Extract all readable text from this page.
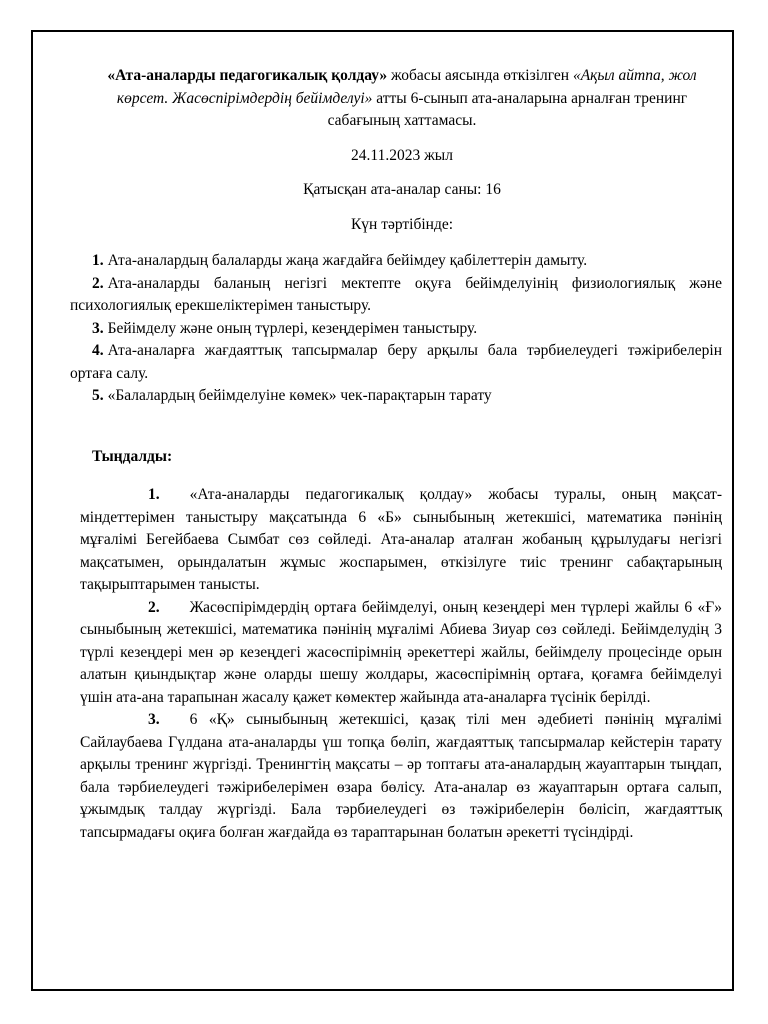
«Ата-аналарды педагогикалық қолдау» жобасы аясында өткізілген «Ақыл айтпа, жол көрсет. Жасөспірімдердің бейімделуі» атты 6-сынып ата-аналарына арналған тренинг сабағының хаттамасы.

24.11.2023 жыл

Қатысқан ата-аналар саны: 16

Күн тәртібінде:

1. Ата-аналардың балаларды жаңа жағдайға бейімдеу қабілеттерін дамыту.

2. Ата-аналарды баланың негізгі мектепте оқуға бейімделуінің физиологиялық және психологиялық ерекшеліктерімен таныстыру.

3. Бейімделу және оның түрлері, кезеңдерімен таныстыру.

4. Ата-аналарға жағдаяттық тапсырмалар беру арқылы бала тәрбиелеудегі тәжірибелерін ортаға салу.

5. «Балалардың бейімделуіне көмек» чек-парақтарын тарату

Тыңдалды:

1. «Ата-аналарды педагогикалық қолдау» жобасы туралы, оның мақсат-міндеттерімен таныстыру мақсатында 6 «Б» сыныбының жетекшісі, математика пәнінің мұғалімі Бегейбаева Сымбат сөз сөйледі. Ата-аналар аталған жобаның құрылудағы негізгі мақсатымен, орындалатын жұмыс жоспарымен, өткізілуге тиіс тренинг сабақтарының тақырыптарымен танысты.

2. Жасөспірімдердің ортаға бейімделуі, оның кезеңдері мен түрлері жайлы 6 «Ғ» сыныбының жетекшісі, математика пәнінің мұғалімі Абиева Зиуар сөз сөйледі. Бейімделудің 3 түрлі кезеңдері мен әр кезеңдегі жасөспірімнің әрекеттері жайлы, бейімделу процесінде орын алатын қиындықтар және оларды шешу жолдары, жасөспірімнің ортаға, қоғамға бейімделуі үшін ата-ана тарапынан жасалу қажет көмектер жайында ата-аналарға түсінік берілді.

3. 6 «Қ» сыныбының жетекшісі, қазақ тілі мен әдебиеті пәнінің мұғалімі Сайлаубаева Гүлдана ата-аналарды үш топқа бөліп, жағдаяттық тапсырмалар кейстерін тарату арқылы тренинг жүргізді. Тренингтің мақсаты – әр топтағы ата-аналардың жауаптарын тыңдап, бала тәрбиелеудегі тәжірибелерімен өзара бөлісу. Ата-аналар өз жауаптарын ортаға салып, ұжымдық талдау жүргізді. Бала тәрбиелеудегі өз тәжірибелерін бөлісіп, жағдаяттық тапсырмадағы оқиға болған жағдайда өз тараптарынан болатын әрекетті түсіндірді.
